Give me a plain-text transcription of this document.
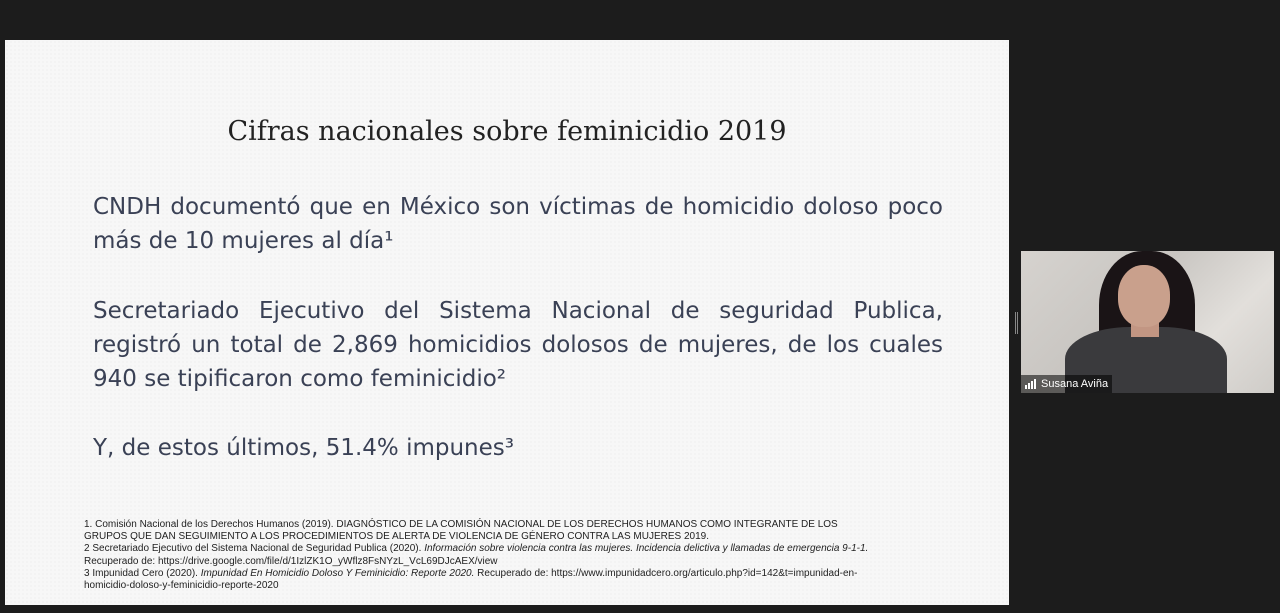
Cifras nacionales sobre feminicidio 2019
CNDH documentó que en México son víctimas de homicidio doloso poco más de 10 mujeres al día¹
Secretariado Ejecutivo del Sistema Nacional de seguridad Publica, registró un total de 2,869 homicidios dolosos de mujeres, de los cuales 940 se tipificaron como feminicidio²
Y, de estos últimos, 51.4% impunes³
1. Comisión Nacional de los Derechos Humanos (2019). DIAGNÓSTICO DE LA COMISIÓN NACIONAL DE LOS DERECHOS HUMANOS COMO INTEGRANTE DE LOS
GRUPOS QUE DAN SEGUIMIENTO A LOS PROCEDIMIENTOS DE ALERTA DE VIOLENCIA DE GÉNERO CONTRA LAS MUJERES 2019.
2 Secretariado Ejecutivo del Sistema Nacional de Seguridad Publica (2020). Información sobre violencia contra las mujeres. Incidencia delictiva y llamadas de emergencia 9-1-1.
Recuperado de: https://drive.google.com/file/d/1IzlZK1O_yWflz8FsNYzL_VcL69DJcAEX/view
3 Impunidad Cero (2020). Impunidad En Homicidio Doloso Y Feminicidio: Reporte 2020. Recuperado de: https://www.impunidadcero.org/articulo.php?id=142&t=impunidad-en-
homicidio-doloso-y-feminicidio-reporte-2020
Susana Aviña
